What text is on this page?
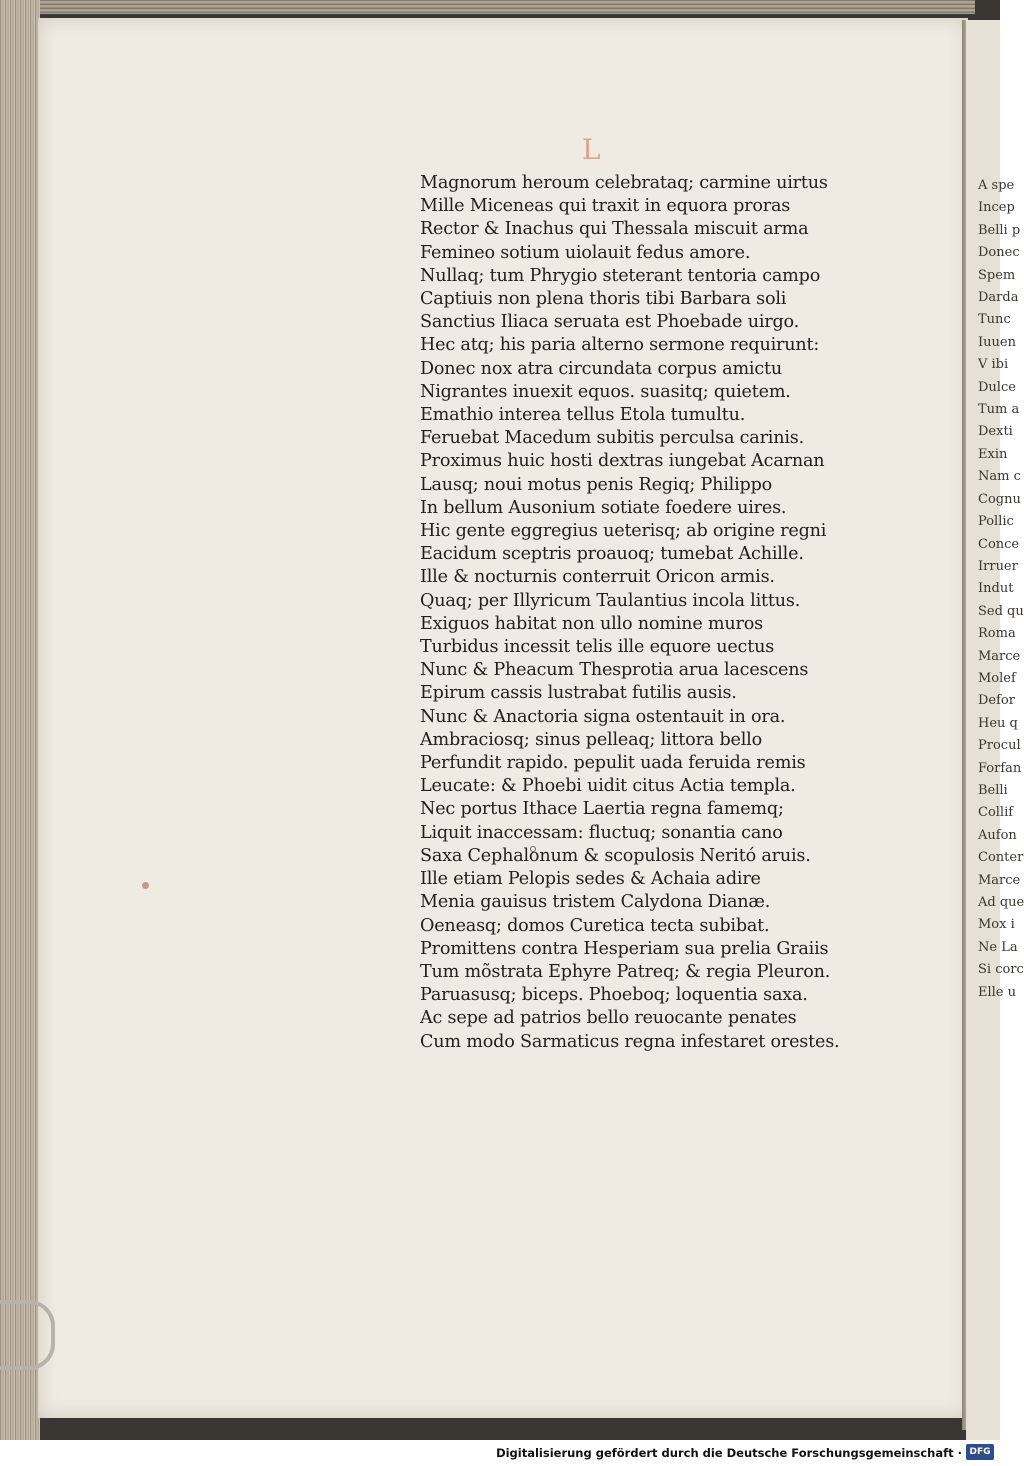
A spe
Incep
Belli p
Donec
Spem
Darda
Tunc
Iuuen
V ibi
Dulce
Tum a
Dexti
Exin
Nam c
Cognu
Pollic
Conce
Irruer
Indut
Sed qu
Roma
Marce
Molef
Defor
Heu q
Procul
Forfan
Belli
Collif
Aufon
Conter
Marce
Ad que
Mox i
Ne La
Si corc
Elle u
L

Magnorum heroum celebrataq; carmine uirtus

Mille Miceneas qui traxit in equora proras

Rector & Inachus qui Thessala miscuit arma

Femineo sotium uiolauit fedus amore.

Nullaq; tum Phrygio steterant tentoria campo

Captiuis non plena thoris tibi Barbara soli

Sanctius Iliaca seruata est Phoebade uirgo.

Hec atq; his paria alterno sermone requirunt:

Donec nox atra circundata corpus amictu

Nigrantes inuexit equos. suasitq; quietem.

Emathio interea tellus Etola tumultu.

Feruebat Macedum subitis perculsa carinis.

Proximus huic hosti dextras iungebat Acarnan

Lausq; noui motus penis Regiq; Philippo

In bellum Ausonium sotiate foedere uires.

Hic gente eggregius ueterisq; ab origine regni

Eacidum sceptris proauoq; tumebat Achille.

Ille & nocturnis conterruit Oricon armis.

Quaq; per Illyricum Taulantius incola littus.

Exiguos habitat non ullo nomine muros

Turbidus incessit telis ille equore uectus

Nunc & Pheacum Thesprotia arua lacescens

Epirum cassis lustrabat futilis ausis.

Nunc & Anactoria signa ostentauit in ora.

Ambraciosq; sinus pelleaq; littora bello

Perfundit rapido. pepulit uada feruida remis

Leucate: & Phoebi uidit citus Actia templa.

Nec portus Ithace Laertia regna famemq;

Liquit inaccessam: fluctuq; sonantia cano

Saxa Cephalonum & scopulosis Neritó aruis.

Ille etiam Pelopis sedes & Achaia adire

Menia gauisus tristem Calydona Dianæ.

Oeneasq; domos Curetica tecta subibat.

Promittens contra Hesperiam sua prelia Graiis

Tum mõstrata Ephyre Patreq; & regia Pleuron.

Paruasusq; biceps. Phoeboq; loquentia saxa.

Ac sepe ad patrios bello reuocante penates

Cum modo Sarmaticus regna infestaret orestes.

Digitalisierung gefördert durch die Deutsche Forschungsgemeinschaft · DFG
